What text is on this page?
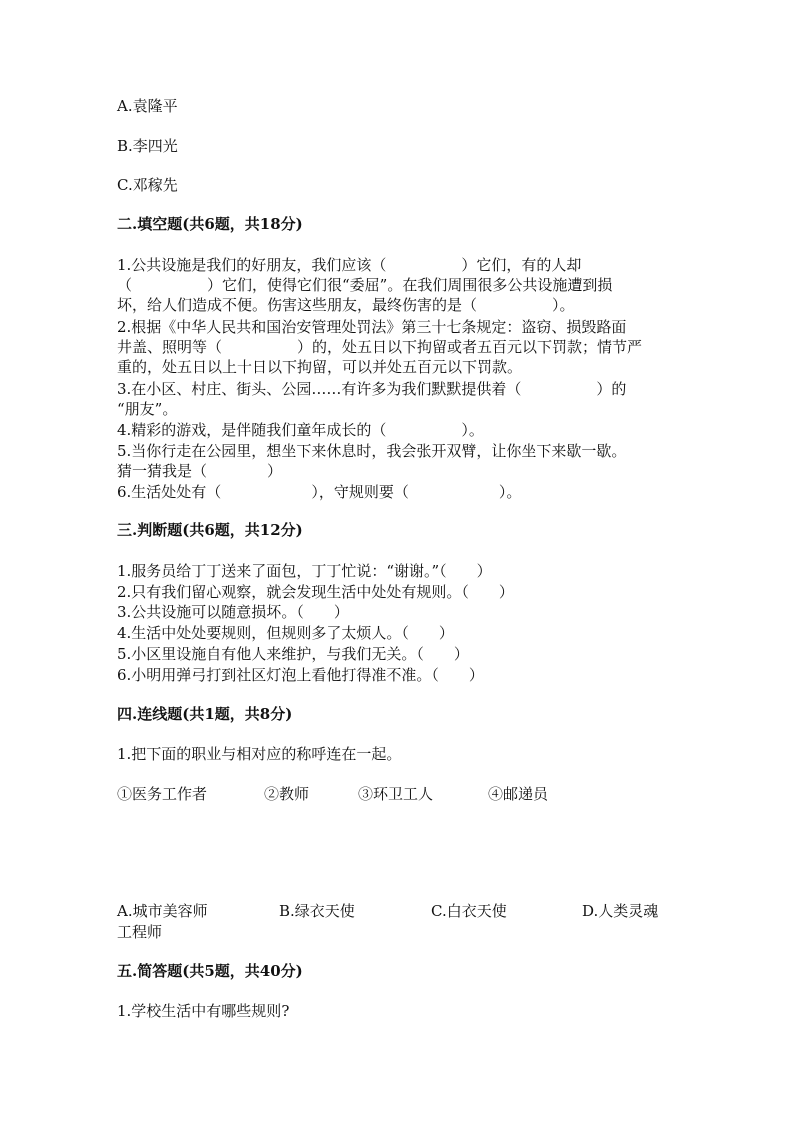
A.袁隆平
B.李四光
C.邓稼先
二.填空题(共6题，共18分)
1.公共设施是我们的好朋友，我们应该（　　　　　）它们，有的人却
（　　　　　）它们，使得它们很“委屈”。在我们周围很多公共设施遭到损
坏，给人们造成不便。伤害这些朋友，最终伤害的是（　　　　　）。
2.根据《中华人民共和国治安管理处罚法》第三十七条规定：盗窃、损毁路面
井盖、照明等（　　　　　）的，处五日以下拘留或者五百元以下罚款；情节严
重的，处五日以上十日以下拘留，可以并处五百元以下罚款。
3.在小区、村庄、街头、公园……有许多为我们默默提供着（　　　　　）的
“朋友”。
4.精彩的游戏，是伴随我们童年成长的（　　　　　）。
5.当你行走在公园里，想坐下来休息时，我会张开双臂，让你坐下来歇一歇。
猜一猜我是（　　　　）
6.生活处处有（　　　　　　），守规则要（　　　　　　）。
三.判断题(共6题，共12分)
1.服务员给丁丁送来了面包，丁丁忙说：“谢谢。”（　　）
2.只有我们留心观察，就会发现生活中处处有规则。（　　）
3.公共设施可以随意损坏。（　　）
4.生活中处处要规则，但规则多了太烦人。（　　）
5.小区里设施自有他人来维护，与我们无关。（　　）
6.小明用弹弓打到社区灯泡上看他打得准不准。（　　）
四.连线题(共1题，共8分)
1.把下面的职业与相对应的称呼连在一起。
①医务工作者	②教师	③环卫工人	④邮递员
A.城市美容师	B.绿衣天使	C.白衣天使	D.人类灵魂
工程师
五.简答题(共5题，共40分)
1.学校生活中有哪些规则?
